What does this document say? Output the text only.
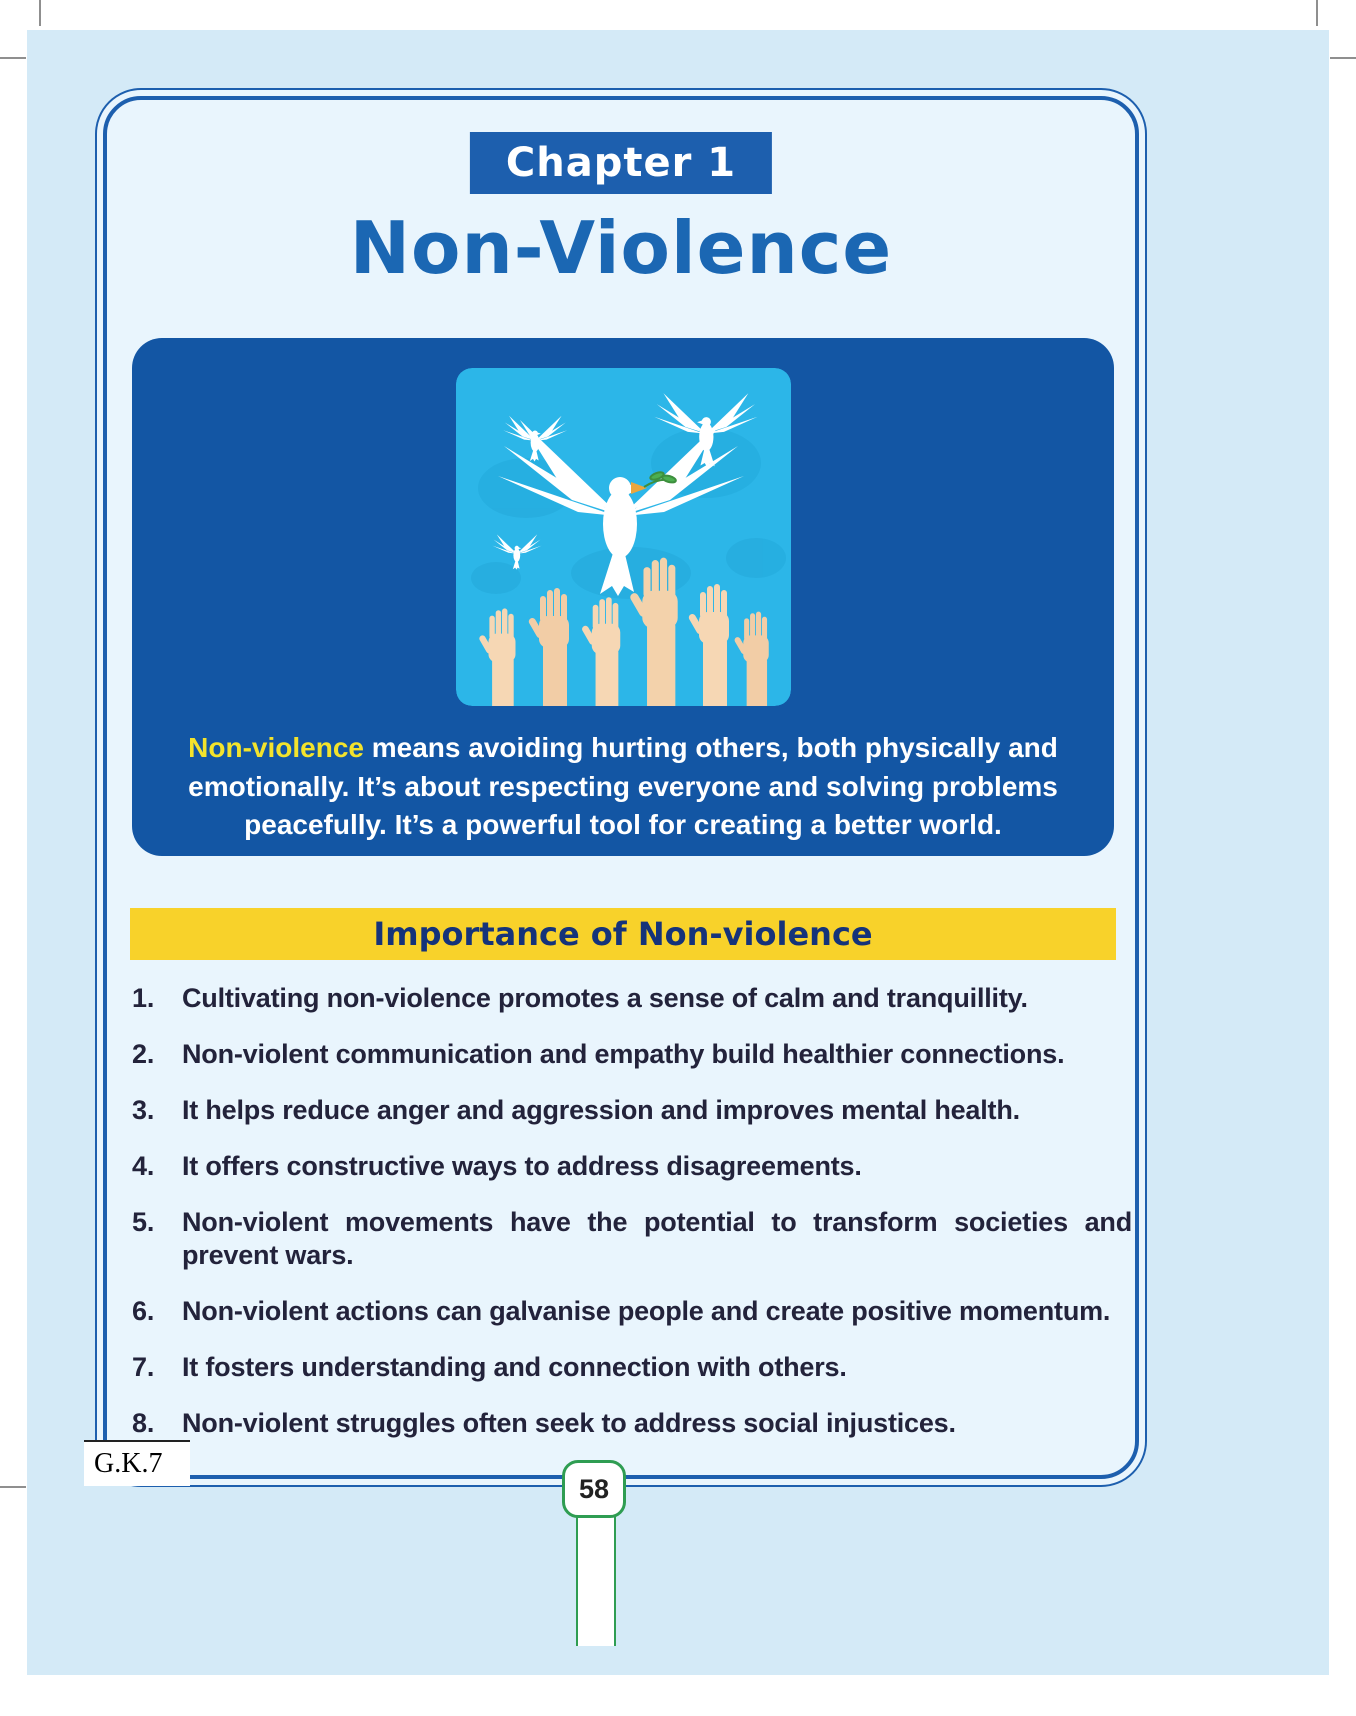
Chapter 1
Non-Violence

Non-violence means avoiding hurting others, both physically and emotionally. It’s about respecting everyone and solving problems peacefully. It’s a powerful tool for creating a better world.

Importance of Non-violence
1.	Cultivating non-violence promotes a sense of calm and tranquillity.
2.	Non-violent communication and empathy build healthier connections.
3.	It helps reduce anger and aggression and improves mental health.
4.	It offers constructive ways to address disagreements.
5.	Non-violent movements have the potential to transform societies and prevent wars.
6.	Non-violent actions can galvanise people and create positive momentum.
7.	It fosters understanding and connection with others.
8.	Non-violent struggles often seek to address social injustices.
G.K.7
58
